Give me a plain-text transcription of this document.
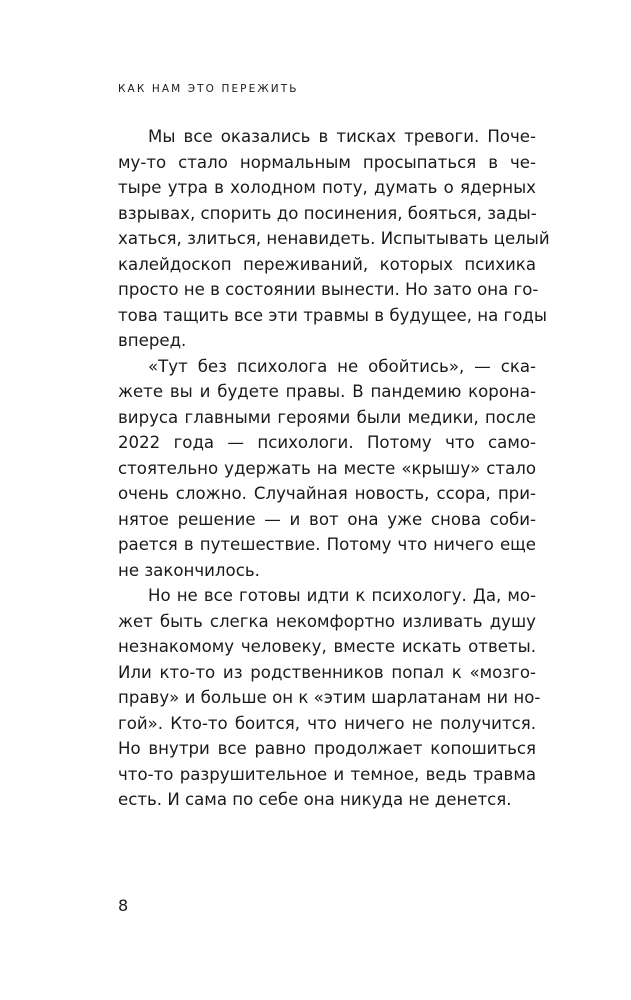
КАК НАМ ЭТО ПЕРЕЖИТЬ
Мы все оказались в тисках тревоги. Поче-
му-то стало нормальным просыпаться в че-
тыре утра в холодном поту, думать о ядерных
взрывах, спорить до посинения, бояться, зады-
хаться, злиться, ненавидеть. Испытывать целый
калейдоскоп переживаний, которых психика
просто не в состоянии вынести. Но зато она го-
това тащить все эти травмы в будущее, на годы
вперед.
«Тут без психолога не обойтись», — ска-
жете вы и будете правы. В пандемию корона-
вируса главными героями были медики, после
2022 года — психологи. Потому что само-
стоятельно удержать на месте «крышу» стало
очень сложно. Случайная новость, ссора, при-
нятое решение — и вот она уже снова соби-
рается в путешествие. Потому что ничего еще
не закончилось.
Но не все готовы идти к психологу. Да, мо-
жет быть слегка некомфортно изливать душу
незнакомому человеку, вместе искать ответы.
Или кто-то из родственников попал к «мозго-
праву» и больше он к «этим шарлатанам ни но-
гой». Кто-то боится, что ничего не получится.
Но внутри все равно продолжает копошиться
что-то разрушительное и темное, ведь травма
есть. И сама по себе она никуда не денется.
8
